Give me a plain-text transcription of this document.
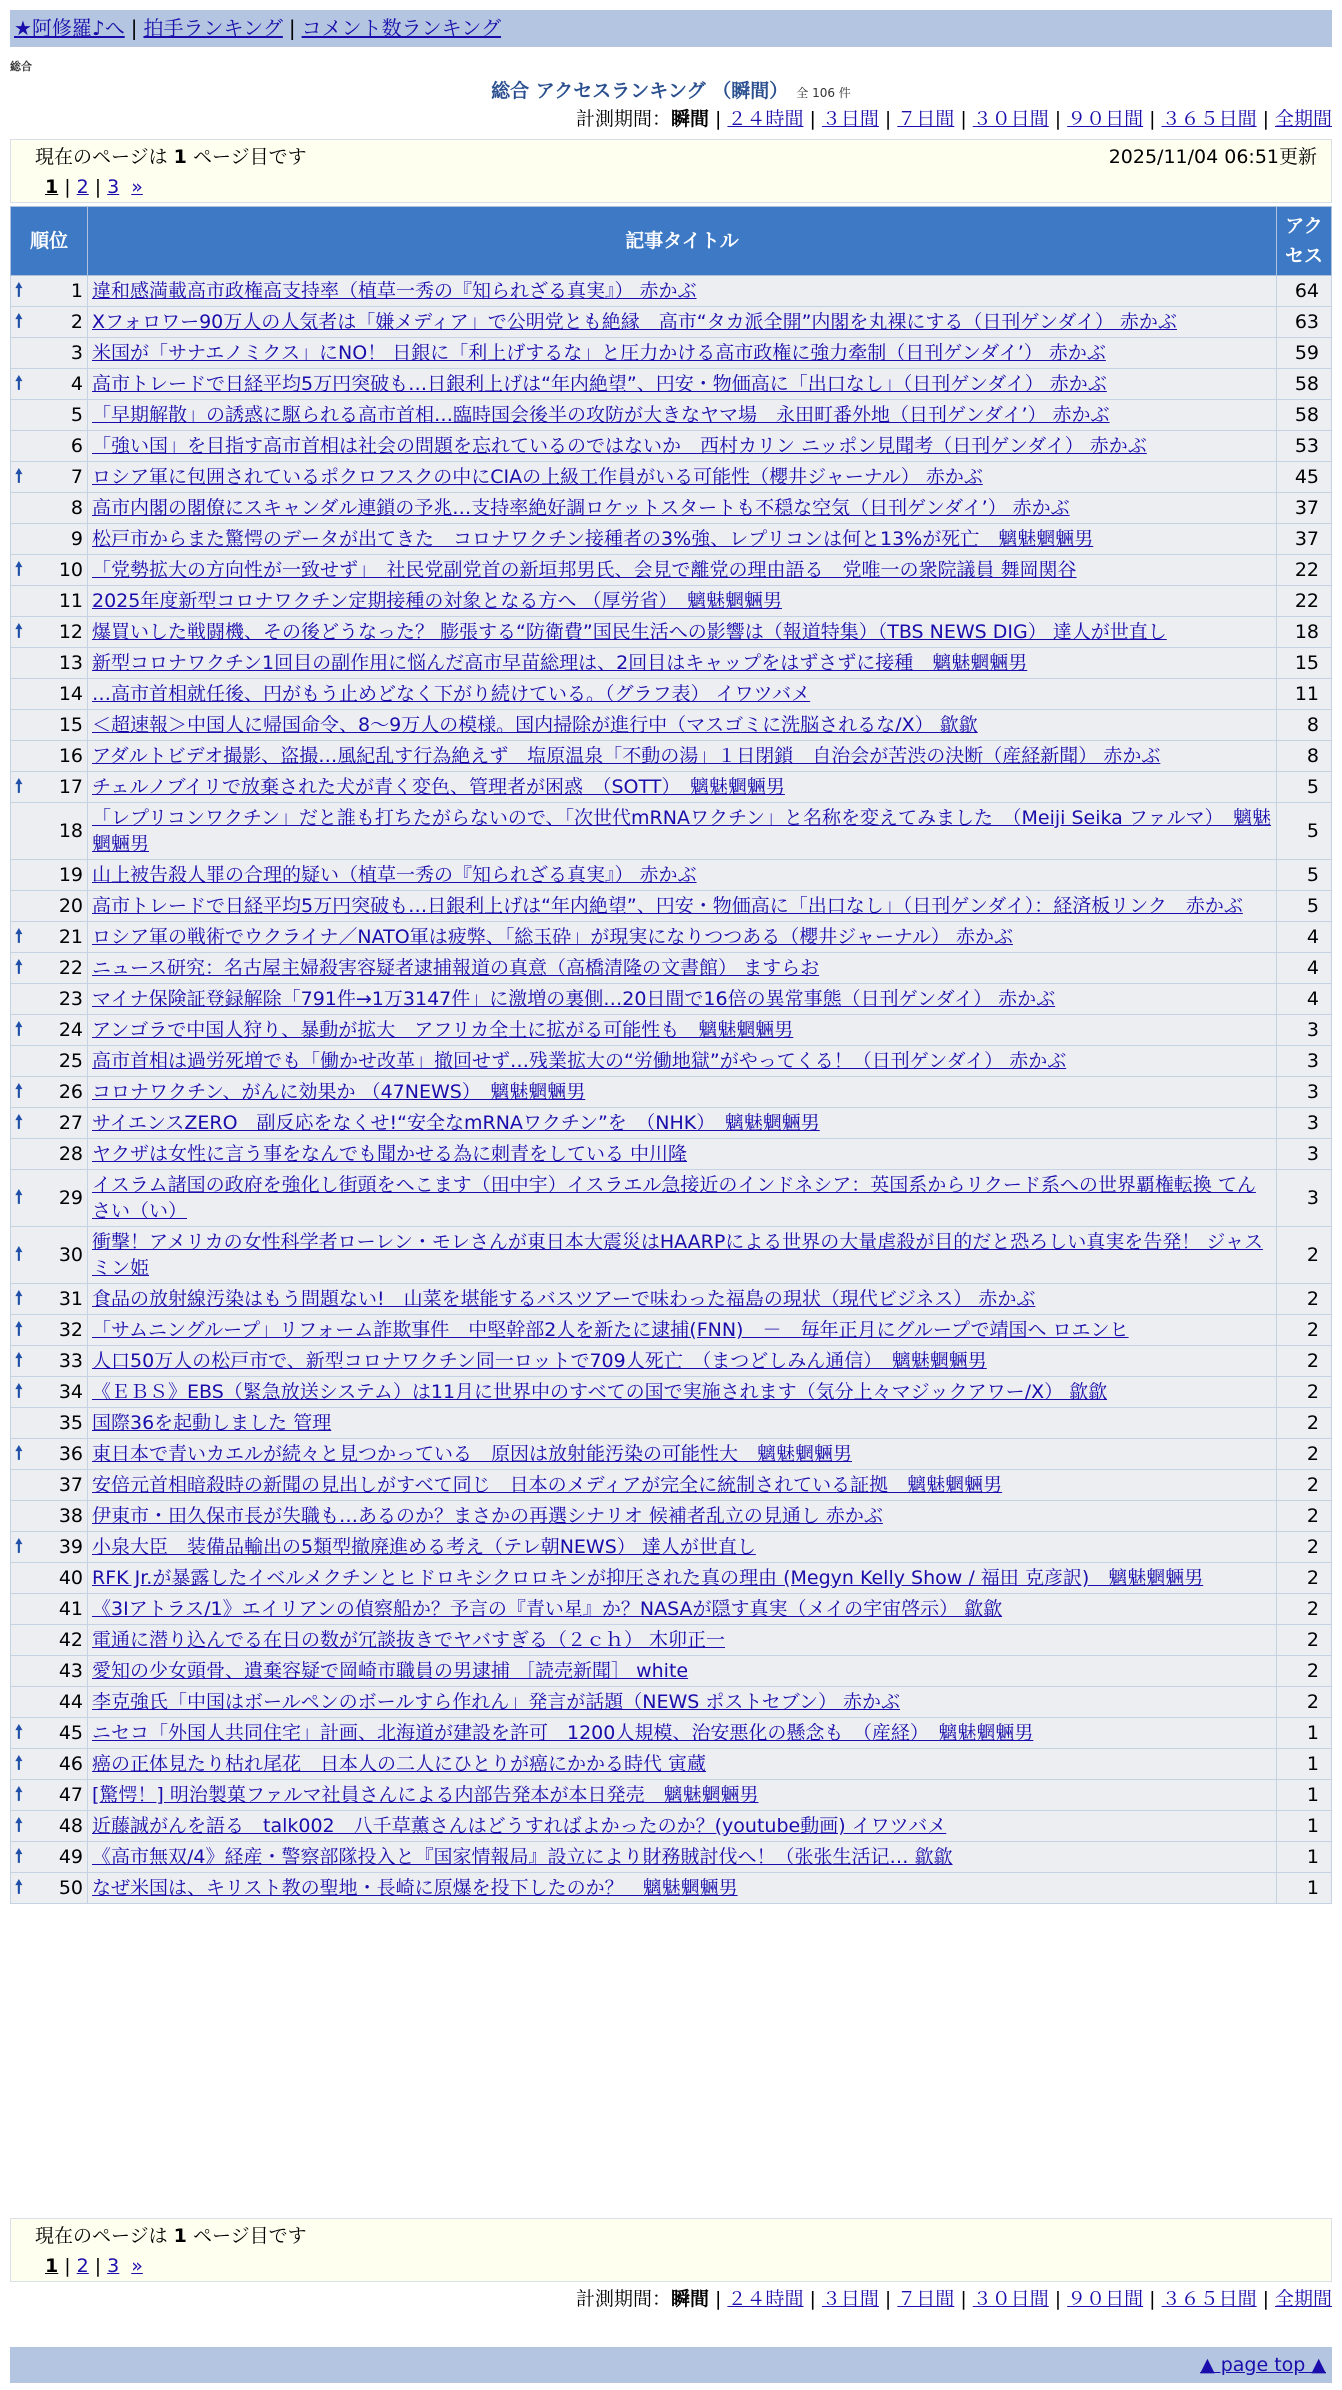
★阿修羅♪へ | 拍手ランキング | コメント数ランキング
総合
総合 アクセスランキング （瞬間） 全 106 件
計測期間：瞬間 | ２４時間 | ３日間 | ７日間 | ３０日間 | ９０日間 | ３６５日間 | 全期間
現在のページは 1 ページ目です	2025/11/04 06:51更新
1 | 2 | 3 »
順位	記事タイトル	アクセス

🠕 1	違和感満載高市政権高支持率（植草一秀の『知られざる真実』） 赤かぶ	64

🠕 2	Xフォロワー90万人の人気者は「嫌メディア」で公明党とも絶縁　高市“タカ派全開”内閣を丸裸にする（日刊ゲンダイ） 赤かぶ	63
3	米国が「サナエノミクス」にNO！ 日銀に「利上げするな」と圧力かける高市政権に強力牽制（日刊ゲンダイ’） 赤かぶ	59

🠕 4	高市トレードで日経平均5万円突破も…日銀利上げは“年内絶望”、円安・物価高に「出口なし」（日刊ゲンダイ） 赤かぶ	58
5	「早期解散」の誘惑に駆られる高市首相…臨時国会後半の攻防が大きなヤマ場　永田町番外地（日刊ゲンダイ’） 赤かぶ	58
6	「強い国」を目指す高市首相は社会の問題を忘れているのではないか　西村カリン ニッポン見聞考（日刊ゲンダイ） 赤かぶ	53

🠕 7	ロシア軍に包囲されているポクロフスクの中にCIAの上級工作員がいる可能性（櫻井ジャーナル） 赤かぶ	45
8	高市内閣の閣僚にスキャンダル連鎖の予兆…支持率絶好調ロケットスタートも不穏な空気（日刊ゲンダイ’） 赤かぶ	37
9	松戸市からまた驚愕のデータが出てきた　コロナワクチン接種者の3%強、レプリコンは何と13%が死亡　魑魅魍魎男	37

🠕 10	「党勢拡大の方向性が一致せず」　社民党副党首の新垣邦男氏、会見で離党の理由語る　党唯一の衆院議員 舞岡関谷	22
11	2025年度新型コロナワクチン定期接種の対象となる方へ （厚労省）　魑魅魍魎男	22

🠕 12	爆買いした戦闘機、その後どうなった？ 膨張する“防衛費”国民生活への影響は（報道特集）（TBS NEWS DIG） 達人が世直し	18
13	新型コロナワクチン1回目の副作用に悩んだ高市早苗総理は、2回目はキャップをはずさずに接種　魑魅魍魎男	15
14	…高市首相就任後、円がもう止めどなく下がり続けている。（グラフ表） イワツバメ	11
15	＜超速報＞中国人に帰国命令、8〜9万人の模様。国内掃除が進行中（マスゴミに洗脳されるな/X） 歙歙	8
16	アダルトビデオ撮影、盗撮…風紀乱す行為絶えず　塩原温泉「不動の湯」１日閉鎖　自治会が苦渋の決断（産経新聞） 赤かぶ	8

🠕 17	チェルノブイリで放棄された犬が青く変色、管理者が困惑　（SOTT）　魑魅魍魎男	5
18	「レプリコンワクチン」だと誰も打ちたがらないので、「次世代mRNAワクチン」と名称を変えてみました　（Meiji Seika ファルマ）　魑魅魍魎男	5
19	山上被告殺人罪の合理的疑い（植草一秀の『知られざる真実』） 赤かぶ	5
20	高市トレードで日経平均5万円突破も…日銀利上げは“年内絶望”、円安・物価高に「出口なし」（日刊ゲンダイ）：経済板リンク　赤かぶ	5

🠕 21	ロシア軍の戦術でウクライナ／NATO軍は疲弊、「総玉砕」が現実になりつつある（櫻井ジャーナル） 赤かぶ	4

🠕 22	ニュース研究：名古屋主婦殺害容疑者逮捕報道の真意（高橋清隆の文書館） ますらお	4
23	マイナ保険証登録解除「791件→1万3147件」に激増の裏側…20日間で16倍の異常事態（日刊ゲンダイ） 赤かぶ	4

🠕 24	アンゴラで中国人狩り、暴動が拡大　アフリカ全土に拡がる可能性も　魑魅魍魎男	3
25	高市首相は過労死増でも「働かせ改革」撤回せず…残業拡大の“労働地獄”がやってくる！（日刊ゲンダイ） 赤かぶ	3

🠕 26	コロナワクチン、がんに効果か （47NEWS）　魑魅魍魎男	3

🠕 27	サイエンスZERO　副反応をなくせ!“安全なmRNAワクチン”を　（NHK）　魑魅魍魎男	3
28	ヤクザは女性に言う事をなんでも聞かせる為に刺青をしている 中川隆	3

🠕 29	イスラム諸国の政府を強化し街頭をへこます（田中宇）イスラエル急接近のインドネシア：英国系からリクード系への世界覇権転換 てんさい（い）	3

🠕 30	衝撃！アメリカの女性科学者ローレン・モレさんが東日本大震災はHAARPによる世界の大量虐殺が目的だと恐ろしい真実を告発！ ジャスミン姫	2

🠕 31	食品の放射線汚染はもう問題ない!　山菜を堪能するバスツアーで味わった福島の現状（現代ビジネス） 赤かぶ	2

🠕 32	「サムニングループ」リフォーム詐欺事件　中堅幹部2人を新たに逮捕(FNN)　－　毎年正月にグループで靖国へ ロエンヒ	2

🠕 33	人口50万人の松戸市で、新型コロナワクチン同一ロットで709人死亡　（まつどしみん通信）　魑魅魍魎男	2

🠕 34	《ＥＢＳ》EBS（緊急放送システム）は11月に世界中のすべての国で実施されます（気分上々マジックアワー/X） 歙歙	2
35	国際36を起動しました 管理	2

🠕 36	東日本で青いカエルが続々と見つかっている　原因は放射能汚染の可能性大　魑魅魍魎男	2
37	安倍元首相暗殺時の新聞の見出しがすべて同じ　日本のメディアが完全に統制されている証拠　魑魅魍魎男	2
38	伊東市・田久保市長が失職も…あるのか？まさかの再選シナリオ 候補者乱立の見通し 赤かぶ	2

🠕 39	小泉大臣　装備品輸出の5類型撤廃進める考え（テレ朝NEWS） 達人が世直し	2
40	RFK Jr.が暴露したイベルメクチンとヒドロキシクロロキンが抑圧された真の理由 (Megyn Kelly Show / 福田 克彦訳)　魑魅魍魎男	2
41	《3Iアトラス/1》エイリアンの偵察船か？予言の『青い星』か？NASAが隠す真実（メイの宇宙啓示） 歙歙	2
42	電通に潜り込んでる在日の数が冗談抜きでヤバすぎる（２ｃｈ） 木卯正一	2
43	愛知の少女頭骨、遺棄容疑で岡崎市職員の男逮捕 ［読売新聞］ white	2
44	李克強氏「中国はボールペンのボールすら作れん」発言が話題（NEWS ポストセブン） 赤かぶ	2

🠕 45	ニセコ「外国人共同住宅」計画、北海道が建設を許可　1200人規模、治安悪化の懸念も　（産経）　魑魅魍魎男	1

🠕 46	癌の正体見たり枯れ尾花　日本人の二人にひとりが癌にかかる時代 寅蔵	1

🠕 47	[驚愕！] 明治製菓ファルマ社員さんによる内部告発本が本日発売　魑魅魍魎男	1

🠕 48	近藤誠がんを語る　talk002　八千草薫さんはどうすればよかったのか？(youtube動画) イワツバメ	1

🠕 49	《高市無双/4》経産・警察部隊投入と『国家情報局』設立により財務賊討伐へ！（张张生活记… 歙歙	1

🠕 50	なぜ米国は、キリスト教の聖地・長崎に原爆を投下したのか？　魑魅魍魎男	1
現在のページは 1 ページ目です
1 | 2 | 3 »
計測期間：瞬間 | ２４時間 | ３日間 | ７日間 | ３０日間 | ９０日間 | ３６５日間 | 全期間
▲ page top ▲
